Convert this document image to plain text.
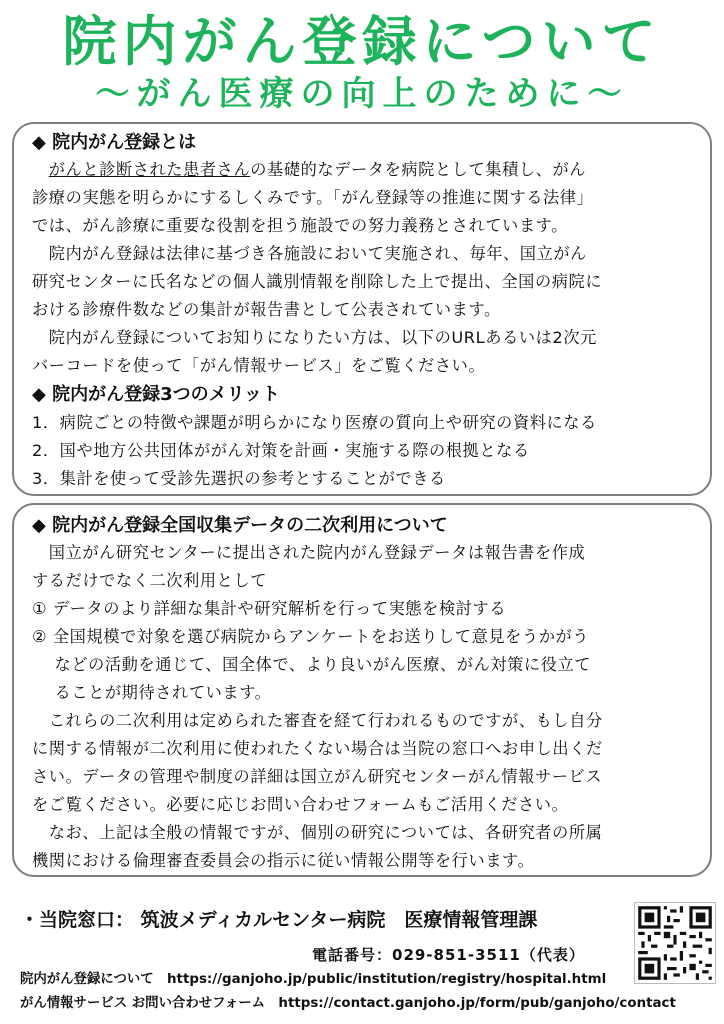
院内がん登録について
～がん医療の向上のために～
◆ 院内がん登録とは
　がんと診断された患者さんの基礎的なデータを病院として集積し、がん
診療の実態を明らかにするしくみです。「がん登録等の推進に関する法律」
では、がん診療に重要な役割を担う施設での努力義務とされています。
　院内がん登録は法律に基づき各施設において実施され、毎年、国立がん
研究センターに氏名などの個人識別情報を削除した上で提出、全国の病院に
おける診療件数などの集計が報告書として公表されています。
　院内がん登録についてお知りになりたい方は、以下のURLあるいは2次元
バーコードを使って「がん情報サービス」をご覧ください。
◆ 院内がん登録3つのメリット
1．病院ごとの特徴や課題が明らかになり医療の質向上や研究の資料になる
2．国や地方公共団体ががん対策を計画・実施する際の根拠となる
3．集計を使って受診先選択の参考とすることができる
◆ 院内がん登録全国収集データの二次利用について
　国立がん研究センターに提出された院内がん登録データは報告書を作成
するだけでなく二次利用として
① データのより詳細な集計や研究解析を行って実態を検討する
② 全国規模で対象を選び病院からアンケートをお送りして意見をうかがう
　 などの活動を通じて、国全体で、より良いがん医療、がん対策に役立て
　 ることが期待されています。
　これらの二次利用は定められた審査を経て行われるものですが、もし自分
に関する情報が二次利用に使われたくない場合は当院の窓口へお申し出くだ
さい。データの管理や制度の詳細は国立がん研究センターがん情報サービス
をご覧ください。必要に応じお問い合わせフォームもご活用ください。
　なお、上記は全般の情報ですが、個別の研究については、各研究者の所属
機関における倫理審査委員会の指示に従い情報公開等を行います。
・当院窓口： 筑波メディカルセンター病院　医療情報管理課
電話番号：029-851-3511（代表）
院内がん登録について　https://ganjoho.jp/public/institution/registry/hospital.html
がん情報サービス お問い合わせフォーム　https://contact.ganjoho.jp/form/pub/ganjoho/contact
